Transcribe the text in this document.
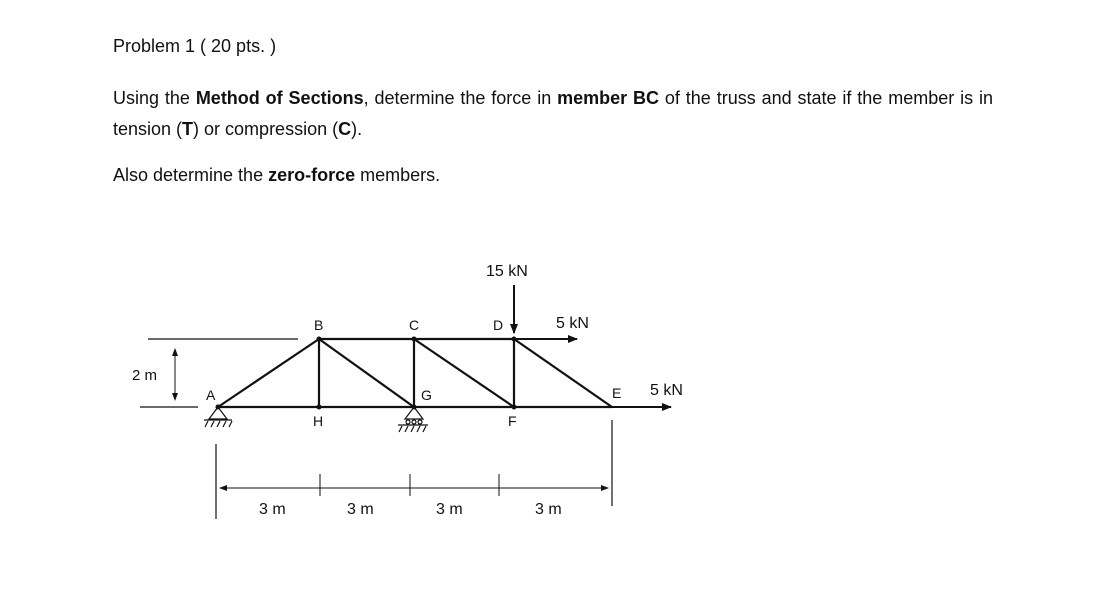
Problem 1 ( 20 pts. )
Using the Method of Sections, determine the force in member BC of the truss and state if the member is in tension (T) or compression (C).
Also determine the zero-force members.
2 m
15 kN
5 kN
5 kN
A
B	C	D
E
F
G
H
3 m	3 m	3 m	3 m
